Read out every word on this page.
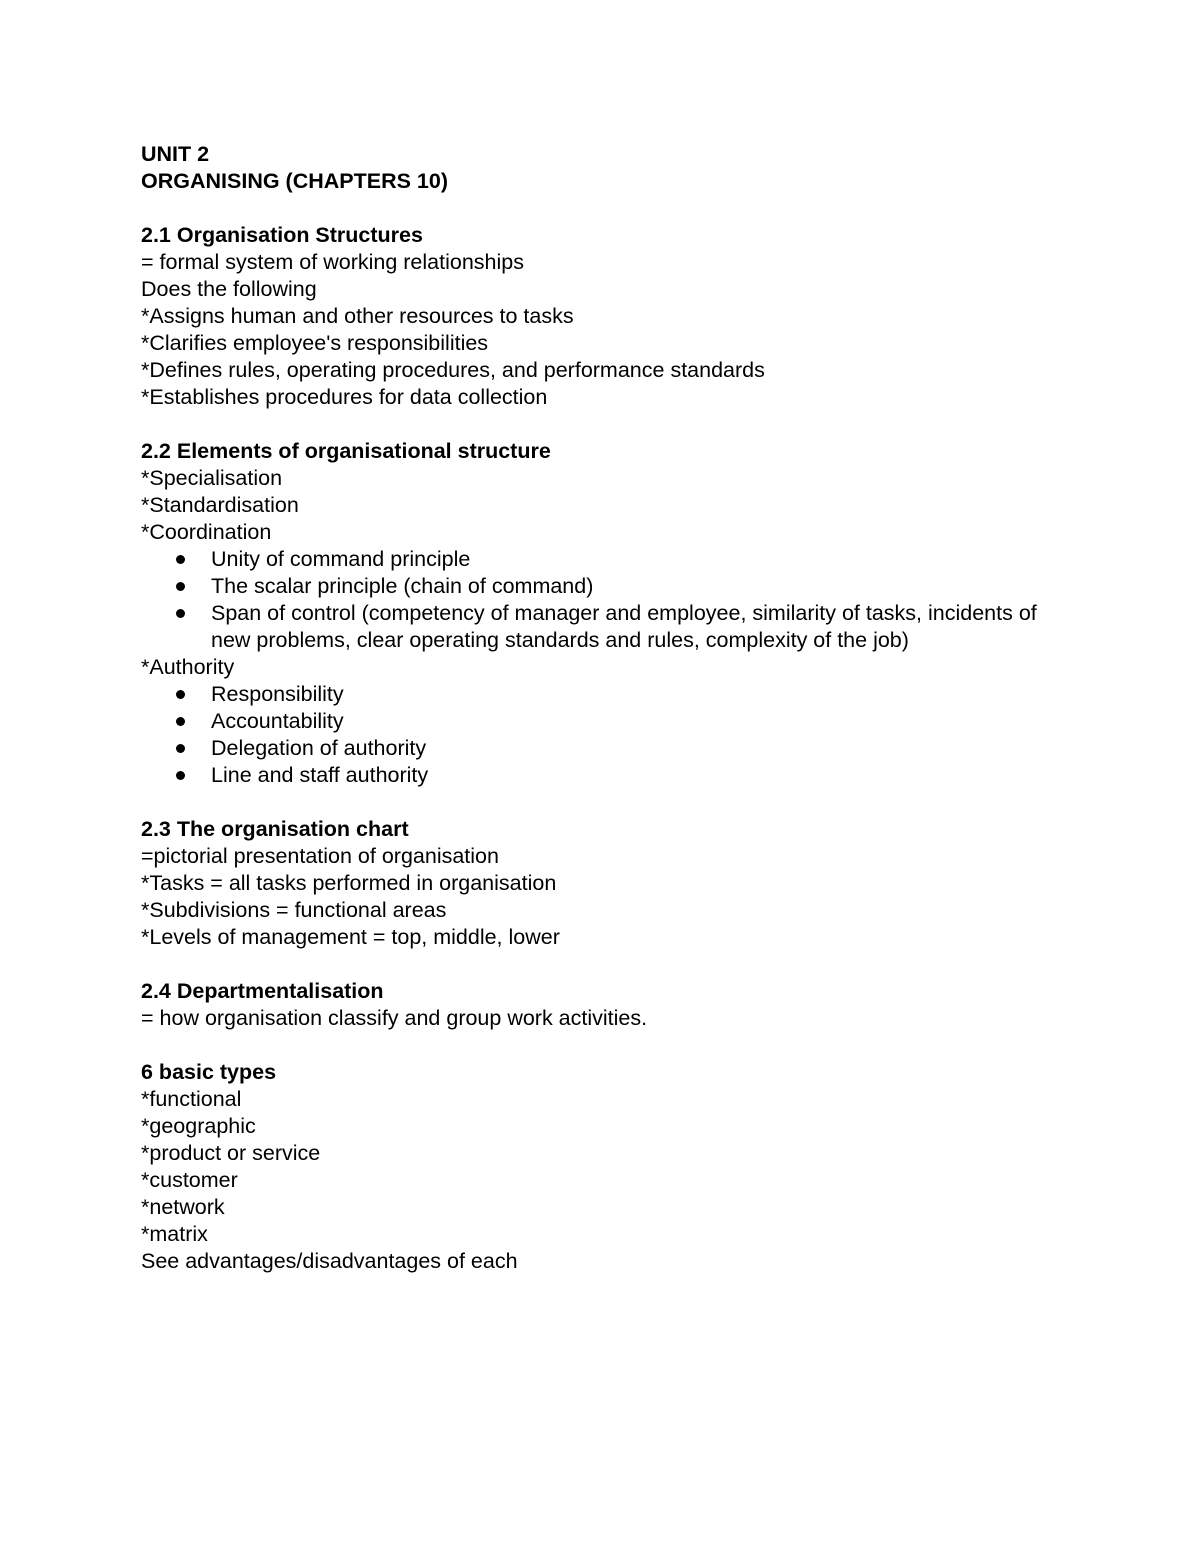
UNIT 2

ORGANISING (CHAPTERS 10)

2.1 Organisation Structures

= formal system of working relationships

Does the following

*Assigns human and other resources to tasks

*Clarifies employee's responsibilities

*Defines rules, operating procedures, and performance standards

*Establishes procedures for data collection

2.2 Elements of organisational structure

*Specialisation

*Standardisation

*Coordination

Unity of command principle
The scalar principle (chain of command)
Span of control (competency of manager and employee, similarity of tasks, incidents of new problems, clear operating standards and rules, complexity of the job)

*Authority

Responsibility
Accountability
Delegation of authority
Line and staff authority

2.3 The organisation chart

=pictorial presentation of organisation

*Tasks = all tasks performed in organisation

*Subdivisions = functional areas

*Levels of management = top, middle, lower

2.4 Departmentalisation

= how organisation classify and group work activities.

6 basic types

*functional

*geographic

*product or service

*customer

*network

*matrix

See advantages/disadvantages of each
